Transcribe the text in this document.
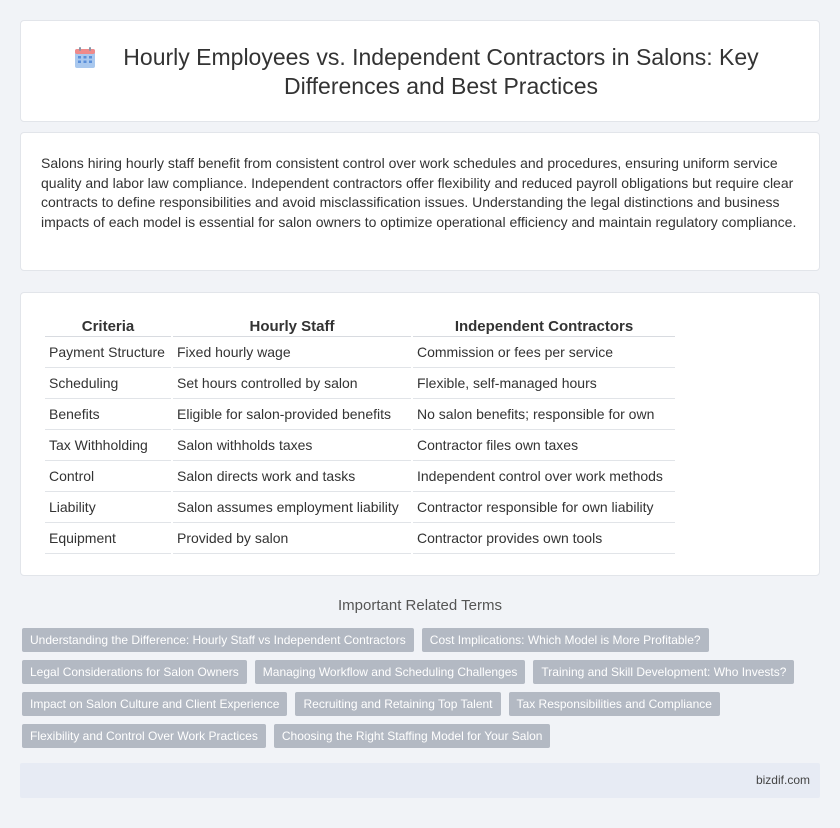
Hourly Employees vs. Independent Contractors in Salons: Key Differences and Best Practices

Salons hiring hourly staff benefit from consistent control over work schedules and procedures, ensuring uniform service quality and labor law compliance. Independent contractors offer flexibility and reduced payroll obligations but require clear contracts to define responsibilities and avoid misclassification issues. Understanding the legal distinctions and business impacts of each model is essential for salon owners to optimize operational efficiency and maintain regulatory compliance.

Criteria	Hourly Staff	Independent Contractors
Payment Structure	Fixed hourly wage	Commission or fees per service
Scheduling	Set hours controlled by salon	Flexible, self-managed hours
Benefits	Eligible for salon-provided benefits	No salon benefits; responsible for own
Tax Withholding	Salon withholds taxes	Contractor files own taxes
Control	Salon directs work and tasks	Independent control over work methods
Liability	Salon assumes employment liability	Contractor responsible for own liability
Equipment	Provided by salon	Contractor provides own tools
Important Related Terms
Understanding the Difference: Hourly Staff vs Independent Contractors	Cost Implications: Which Model is More Profitable?
Legal Considerations for Salon Owners	Managing Workflow and Scheduling Challenges	Training and Skill Development: Who Invests?
Impact on Salon Culture and Client Experience	Recruiting and Retaining Top Talent	Tax Responsibilities and Compliance
Flexibility and Control Over Work Practices	Choosing the Right Staffing Model for Your Salon
bizdif.com
